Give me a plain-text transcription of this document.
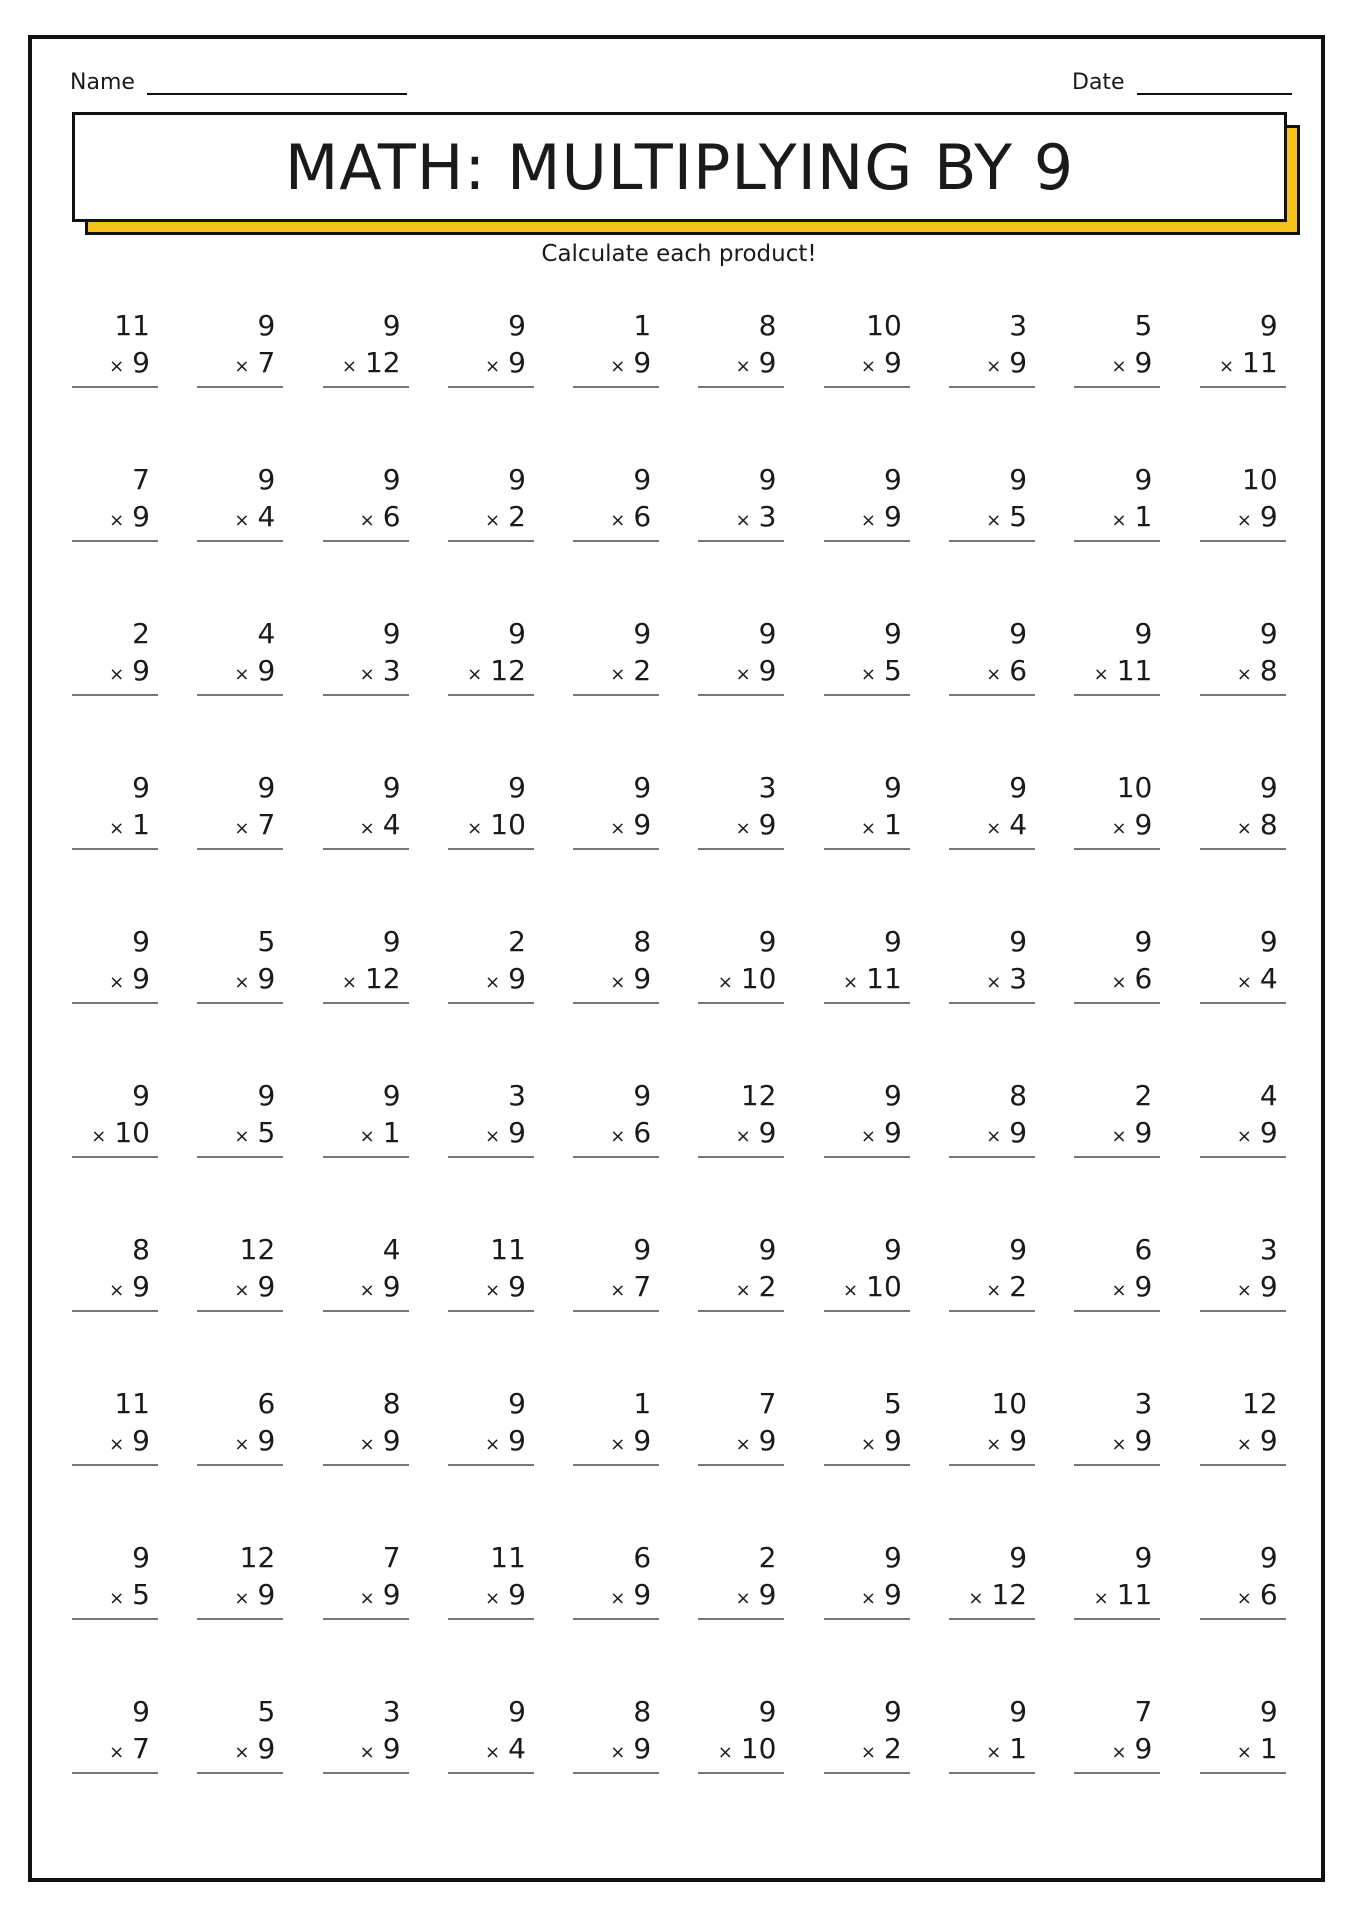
Name	Date
MATH: MULTIPLYING BY 9
Calculate each product!
11
× 9
9
× 7
9
× 12
9
× 9
1
× 9
8
× 9
10
× 9
3
× 9
5
× 9
9
× 11
7
× 9
9
× 4
9
× 6
9
× 2
9
× 6
9
× 3
9
× 9
9
× 5
9
× 1
10
× 9
2
× 9
4
× 9
9
× 3
9
× 12
9
× 2
9
× 9
9
× 5
9
× 6
9
× 11
9
× 8
9
× 1
9
× 7
9
× 4
9
× 10
9
× 9
3
× 9
9
× 1
9
× 4
10
× 9
9
× 8
9
× 9
5
× 9
9
× 12
2
× 9
8
× 9
9
× 10
9
× 11
9
× 3
9
× 6
9
× 4
9
× 10
9
× 5
9
× 1
3
× 9
9
× 6
12
× 9
9
× 9
8
× 9
2
× 9
4
× 9
8
× 9
12
× 9
4
× 9
11
× 9
9
× 7
9
× 2
9
× 10
9
× 2
6
× 9
3
× 9
11
× 9
6
× 9
8
× 9
9
× 9
1
× 9
7
× 9
5
× 9
10
× 9
3
× 9
12
× 9
9
× 5
12
× 9
7
× 9
11
× 9
6
× 9
2
× 9
9
× 9
9
× 12
9
× 11
9
× 6
9
× 7
5
× 9
3
× 9
9
× 4
8
× 9
9
× 10
9
× 2
9
× 1
7
× 9
9
× 1
